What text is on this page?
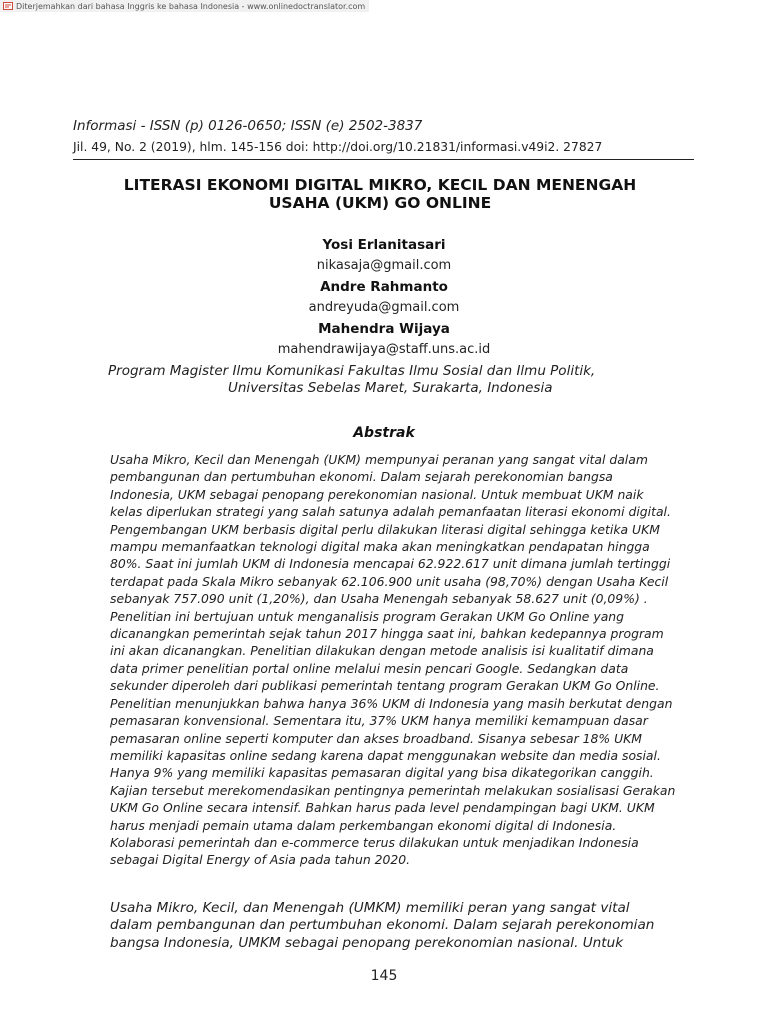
Diterjemahkan dari bahasa Inggris ke bahasa Indonesia - www.onlinedoctranslator.com
Informasi - ISSN (p) 0126-0650; ISSN (e) 2502-3837
Jil. 49, No. 2 (2019), hlm. 145-156 doi: http://doi.org/10.21831/informasi.v49i2. 27827
LITERASI EKONOMI DIGITAL MIKRO, KECIL DAN MENENGAH
USAHA (UKM) GO ONLINE
Yosi Erlanitasari
nikasaja@gmail.com
Andre Rahmanto
andreyuda@gmail.com
Mahendra Wijaya
mahendrawijaya@staff.uns.ac.id
Program Magister Ilmu Komunikasi Fakultas Ilmu Sosial dan Ilmu Politik,
Universitas Sebelas Maret, Surakarta, Indonesia
Abstrak
Usaha Mikro, Kecil dan Menengah (UKM) mempunyai peranan yang sangat vital dalam
pembangunan dan pertumbuhan ekonomi. Dalam sejarah perekonomian bangsa
Indonesia, UKM sebagai penopang perekonomian nasional. Untuk membuat UKM naik
kelas diperlukan strategi yang salah satunya adalah pemanfaatan literasi ekonomi digital.
Pengembangan UKM berbasis digital perlu dilakukan literasi digital sehingga ketika UKM
mampu memanfaatkan teknologi digital maka akan meningkatkan pendapatan hingga
80%. Saat ini jumlah UKM di Indonesia mencapai 62.922.617 unit dimana jumlah tertinggi
terdapat pada Skala Mikro sebanyak 62.106.900 unit usaha (98,70%) dengan Usaha Kecil
sebanyak 757.090 unit (1,20%), dan Usaha Menengah sebanyak 58.627 unit (0,09%) .
Penelitian ini bertujuan untuk menganalisis program Gerakan UKM Go Online yang
dicanangkan pemerintah sejak tahun 2017 hingga saat ini, bahkan kedepannya program
ini akan dicanangkan. Penelitian dilakukan dengan metode analisis isi kualitatif dimana
data primer penelitian portal online melalui mesin pencari Google. Sedangkan data
sekunder diperoleh dari publikasi pemerintah tentang program Gerakan UKM Go Online.
Penelitian menunjukkan bahwa hanya 36% UKM di Indonesia yang masih berkutat dengan
pemasaran konvensional. Sementara itu, 37% UKM hanya memiliki kemampuan dasar
pemasaran online seperti komputer dan akses broadband. Sisanya sebesar 18% UKM
memiliki kapasitas online sedang karena dapat menggunakan website dan media sosial.
Hanya 9% yang memiliki kapasitas pemasaran digital yang bisa dikategorikan canggih.
Kajian tersebut merekomendasikan pentingnya pemerintah melakukan sosialisasi Gerakan
UKM Go Online secara intensif. Bahkan harus pada level pendampingan bagi UKM. UKM
harus menjadi pemain utama dalam perkembangan ekonomi digital di Indonesia.
Kolaborasi pemerintah dan e-commerce terus dilakukan untuk menjadikan Indonesia
sebagai Digital Energy of Asia pada tahun 2020.
Usaha Mikro, Kecil, dan Menengah (UMKM) memiliki peran yang sangat vital
dalam pembangunan dan pertumbuhan ekonomi. Dalam sejarah perekonomian
bangsa Indonesia, UMKM sebagai penopang perekonomian nasional. Untuk
145
